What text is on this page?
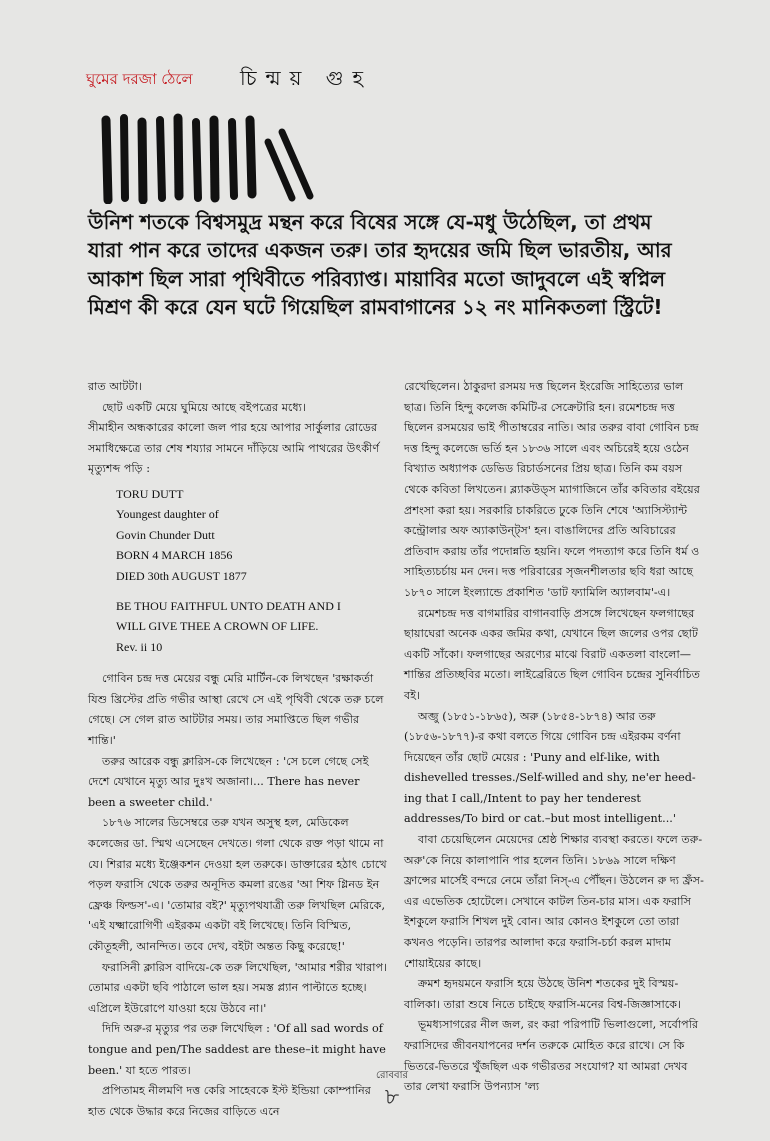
ঘুমের দরজা ঠেলে চিন্ময় গুহ

উনিশ শতকে বিশ্বসমুদ্র মন্থন করে বিষের সঙ্গে যে-মধু উঠেছিল, তা প্রথম যারা পান করে তাদের একজন তরু। তার হৃদয়ের জমি ছিল ভারতীয়, আর আকাশ ছিল সারা পৃথিবীতে পরিব্যাপ্ত। মায়াবির মতো জাদুবলে এই স্বপ্নিল মিশ্রণ কী করে যেন ঘটে গিয়েছিল রামবাগানের ১২ নং মানিকতলা স্ট্রিটে!

রাত আটটা।

ছোট একটি মেয়ে ঘুমিয়ে আছে বইপত্রের মধ্যে।

সীমাহীন অন্ধকারের কালো জল পার হয়ে আপার সার্কুলার রোডের সমাধিক্ষেত্রে তার শেষ শয্যার সামনে দাঁড়িয়ে আমি পাথরের উৎকীর্ণ মৃত্যুশব্দ পড়ি :

TORU DUTT
Youngest daughter of
Govin Chunder Dutt
BORN 4 MARCH 1856
DIED 30th AUGUST 1877
BE THOU FAITHFUL UNTO DEATH AND I
WILL GIVE THEE A CROWN OF LIFE.
Rev. ii 10

গোবিন চন্দ্র দত্ত মেয়ের বন্ধু মেরি মার্টিন-কে লিখছেন 'রক্ষাকর্তা যিশু খ্রিস্টের প্রতি গভীর আস্থা রেখে সে এই পৃথিবী থেকে তরু চলে গেছে। সে গেল রাত আটটার সময়। তার সমাপ্তিতে ছিল গভীর শান্তি।'

তরুর আরেক বন্ধু ক্লারিস-কে লিখেছেন : 'সে চলে গেছে সেই দেশে যেখানে মৃত্যু আর দুঃখ অজানা।... There has never been a sweeter child.'

১৮৭৬ সালের ডিসেম্বরে তরু যখন অসুস্থ হল, মেডিকেল কলেজের ডা. স্মিথ এসেছেন দেখতে। গলা থেকে রক্ত পড়া থামে না যে। শিরার মধ্যে ইঞ্জেকশন দেওয়া হল তরুকে। ডাক্তারের হঠাৎ চোখে পড়ল ফরাসি থেকে তরুর অনূদিত কমলা রঙের 'আ শিফ গ্লিনড ইন ফ্রেঞ্চ ফিল্ডস'-এ। 'তোমার বই?' মৃত্যুপথযাত্রী তরু লিখছিল মেরিকে, 'এই যক্ষ্মারোগিণী এইরকম একটা বই লিখেছে। তিনি বিস্মিত, কৌতূহলী, আনন্দিত। তবে দেখ, বইটা অন্তত কিছু করেছে!'

ফরাসিনী ক্লারিস বাদিয়ে-কে তরু লিখেছিল, 'আমার শরীর খারাপ। তোমার একটা ছবি পাঠালে ভাল হয়। সমস্ত প্ল্যান পাল্টাতে হচ্ছে। এপ্রিলে ইউরোপে যাওয়া হয়ে উঠবে না।'

দিদি অরু-র মৃত্যুর পর তরু লিখেছিল : 'Of all sad words of tongue and pen/The saddest are these–it might have been.' যা হতে পারত।

প্রপিতামহ নীলমণি দত্ত কেরি সাহেবকে ইস্ট ইন্ডিয়া কোম্পানির হাত থেকে উদ্ধার করে নিজের বাড়িতে এনে

রেখেছিলেন। ঠাকুরদা রসময় দত্ত ছিলেন ইংরেজি সাহিত্যের ভাল ছাত্র। তিনি হিন্দু কলেজ কমিটি-র সেক্রেটারি হন। রমেশচন্দ্র দত্ত ছিলেন রসময়ের ভাই পীতাম্বরের নাতি। আর তরুর বাবা গোবিন চন্দ্র দত্ত হিন্দু কলেজে ভর্তি হন ১৮৩৬ সালে এবং অচিরেই হয়ে ওঠেন বিখ্যাত অধ্যাপক ডেভিড রিচার্ডসনের প্রিয় ছাত্র। তিনি কম বয়স থেকে কবিতা লিখতেন। ব্ল্যাকউড্‌স ম্যাগাজিনে তাঁর কবিতার বইয়ের প্রশংসা করা হয়। সরকারি চাকরিতে ঢুকে তিনি শেষে 'অ্যাসিস্ট্যান্ট কন্ট্রোলার অফ অ্যাকাউন্ট্‌স' হন। বাঙালিদের প্রতি অবিচারের প্রতিবাদ করায় তাঁর পদোন্নতি হয়নি। ফলে পদত্যাগ করে তিনি ধর্ম ও সাহিত্যচর্চায় মন দেন। দত্ত পরিবারের সৃজনশীলতার ছবি ধরা আছে ১৮৭০ সালে ইংল্যান্ডে প্রকাশিত 'ডাট ফ্যামিলি অ্যালবাম'-এ।

রমেশচন্দ্র দত্ত বাগমারির বাগানবাড়ি প্রসঙ্গে লিখেছেন ফলগাছের ছায়াঘেরা অনেক একর জমির কথা, যেখানে ছিল জলের ওপর ছোট একটি সাঁকো। ফলগাছের অরণ্যের মাঝে বিরাট একতলা বাংলো—শান্তির প্রতিচ্ছবির মতো। লাইব্রেরিতে ছিল গোবিন চন্দ্রের সুনির্বাচিত বই।

অব্জু (১৮৫১-১৮৬৫), অরু (১৮৫৪-১৮৭৪) আর তরু (১৮৫৬-১৮৭৭)-র কথা বলতে গিয়ে গোবিন চন্দ্র এইরকম বর্ণনা দিয়েছেন তাঁর ছোট মেয়ের : 'Puny and elf-like, with dishevelled tresses./Self-willed and shy, ne'er heed-ing that I call,/Intent to pay her tenderest addresses/To bird or cat.–but most intelligent...'

বাবা চেয়েছিলেন মেয়েদের শ্রেষ্ঠ শিক্ষার ব্যবস্থা করতে। ফলে তরু-অরু'কে নিয়ে কালাপানি পার হলেন তিনি। ১৮৬৯ সালে দক্ষিণ ফ্রান্সের মার্সেই বন্দরে নেমে তাঁরা নিস্‌-এ পৌঁছন। উঠলেন রু দ্য ফ্রঁস-এর এভেতিক হোটেলে। সেখানে কাটল তিন-চার মাস। এক ফরাসি ইশকুলে ফরাসি শিখল দুই বোন। আর কোনও ইশকুলে তো তারা কখনও পড়েনি। তারপর আলাদা করে ফরাসি-চর্চা করল মাদাম শোয়াইয়ের কাছে।

ক্রমশ হৃদয়মনে ফরাসি হয়ে উঠছে উনিশ শতকের দুই বিস্ময়-বালিকা। তারা শুষে নিতে চাইছে ফরাসি-মনের বিশ্ব-জিজ্ঞাসাকে।

ভূমধ্যসাগরের নীল জল, রং করা পরিপাটি ভিলাগুলো, সর্বোপরি ফরাসিদের জীবনযাপনের দর্শন তরুকে মোহিত করে রাখে। সে কি ভিতরে-ভিতরে খুঁজছিল এক গভীরতর সংযোগ? যা আমরা দেখব তার লেখা ফরাসি উপন্যাস 'ল্য

রোববার
৮
